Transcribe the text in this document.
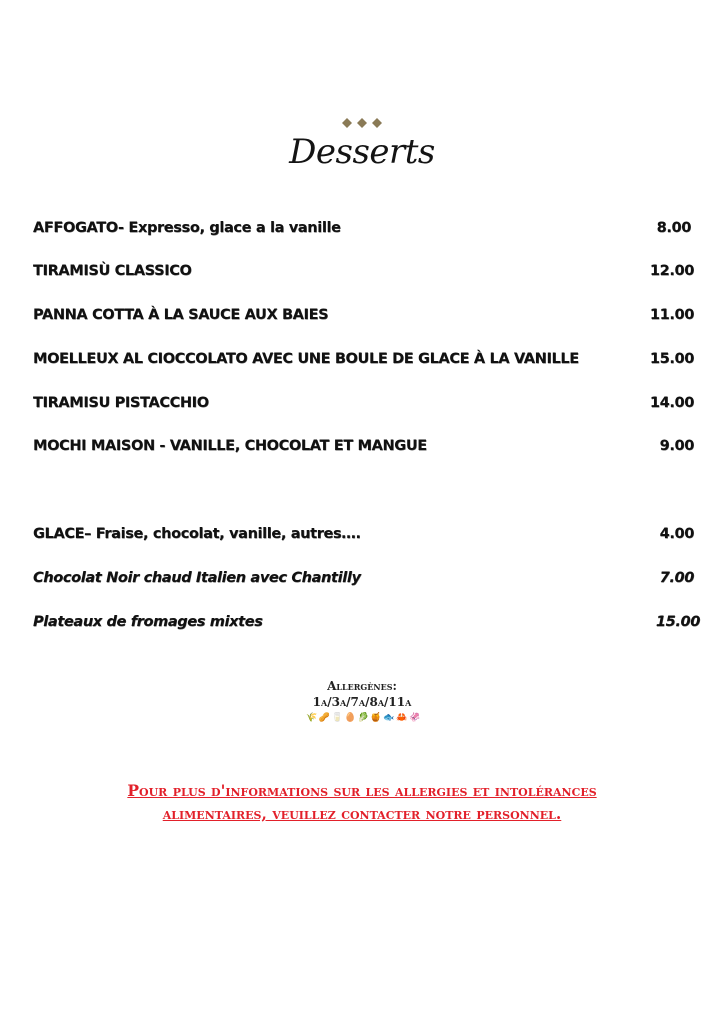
Desserts
AFFOGATO- Expresso, glace a la vanille	8.00
TIRAMISÙ CLASSICO	12.00
PANNA COTTA À LA SAUCE AUX BAIES	11.00
MOELLEUX AL CIOCCOLATO AVEC UNE BOULE DE GLACE À LA VANILLE	15.00
TIRAMISU PISTACCHIO	14.00
MOCHI MAISON - VANILLE, CHOCOLAT ET MANGUE	9.00
GLACE– Fraise, chocolat, vanille, autres….	4.00
Chocolat Noir chaud Italien avec Chantilly	7.00
Plateaux de fromages mixtes	15.00
Allergènes:
1a/3a/7a/8a/11a
🌾 🥜 🥛 🥚 🥬 🍯 🐟 🦀 🦑
Pour plus d'informations sur les allergies et intolérances
alimentaires, veuillez contacter notre personnel.
